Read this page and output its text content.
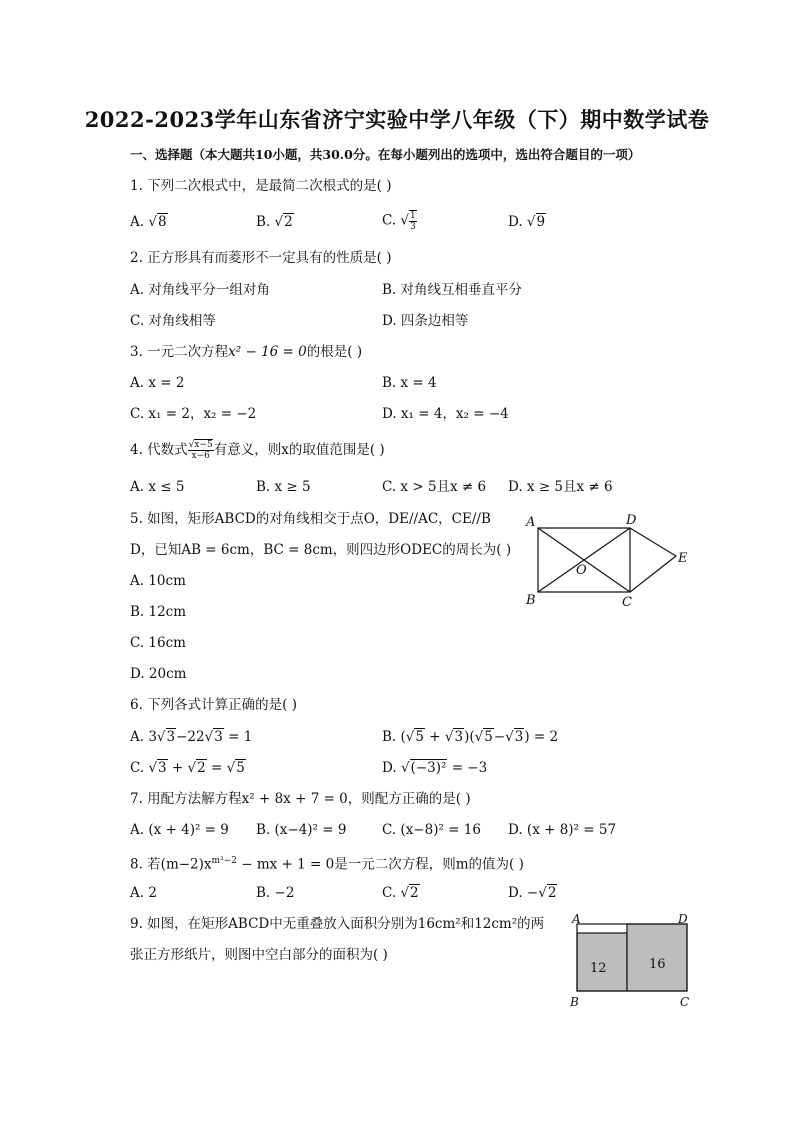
2022-2023学年山东省济宁实验中学八年级（下）期中数学试卷
一、选择题（本大题共10小题，共30.0分。在每小题列出的选项中，选出符合题目的一项）
1. 下列二次根式中，是最简二次根式的是( )
A. √8	B. √2	C. √ $\frac{1}{3}$	D. √9
2. 正方形具有而菱形不一定具有的性质是( )
A. 对角线平分一组对角	B. 对角线互相垂直平分
C. 对角线相等	D. 四条边相等
3. 一元二次方程x² − 16 = 0的根是( )
A. x = 2	B. x = 4
C. x₁ = 2，x₂ = −2	D. x₁ = 4，x₂ = −4
4. 代数式 $\frac{√x-5}{x-6}$ 有意义，则x的取值范围是( )
A. x ≤ 5	B. x ≥ 5	C. x > 5且x ≠ 6 D. x ≥ 5且x ≠ 6
5. 如图，矩形ABCD的对角线相交于点O，DE//AC，CE//B
D，已知AB = 6cm，BC = 8cm，则四边形ODEC的周长为( )
A. 10cm
B. 12cm
C. 16cm
D. 20cm
A	D
E
O
B	C
6. 下列各式计算正确的是( )
A. 3√3−22√3 = 1	B. (√5 + √3)(√5−√3) = 2
C. √3 + √2 = √5	D. √(−3)² = −3
7. 用配方法解方程x² + 8x + 7 = 0，则配方正确的是( )
A. (x + 4)² = 9 B. (x−4)² = 9	C. (x−8)² = 16 D. (x + 8)² = 57
8. 若$(m-2)x^{m^2-2}$ − mx + 1 = 0是一元二次方程，则m的值为( )
A. 2	B. −2	C. √2	D. −√2
9. 如图，在矩形ABCD中无重叠放入面积分别为16cm²和12cm²的两
张正方形纸片，则图中空白部分的面积为( )
A	D
B	C
12	16
